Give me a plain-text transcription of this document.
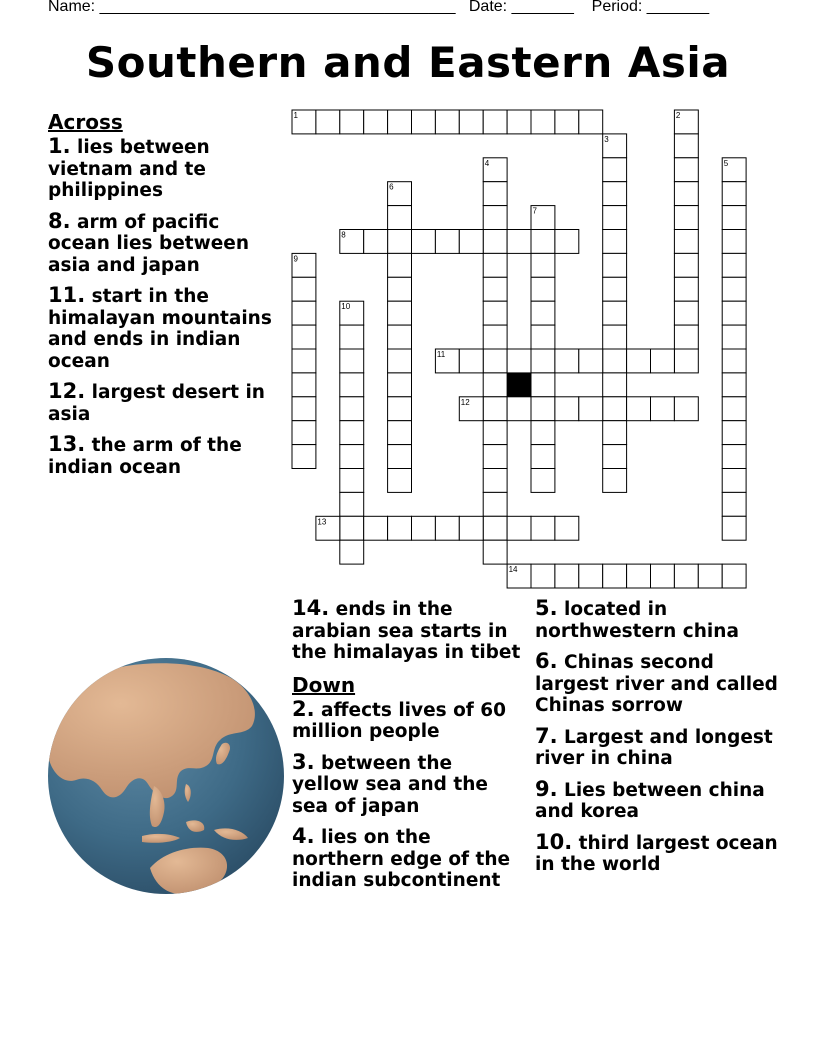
Name: ________________________________________ Date: _______ Period: _______
Southern and Eastern Asia
1	2
3
4	5
6
7
8
9
10
11
12
13
14
Across
1. lies between vietnam and te philippines
8. arm of pacific ocean lies between asia and japan
11. start in the himalayan mountains and ends in indian ocean
12. largest desert in asia
13. the arm of the indian ocean
14. ends in the arabian sea starts in the himalayas in tibet
Down
2. affects lives of 60 million people
3. between the yellow sea and the sea of japan
4. lies on the northern edge of the indian subcontinent
5. located in northwestern china
6. Chinas second largest river and called Chinas sorrow
7. Largest and longest river in china
9. Lies between china and korea
10. third largest ocean in the world
